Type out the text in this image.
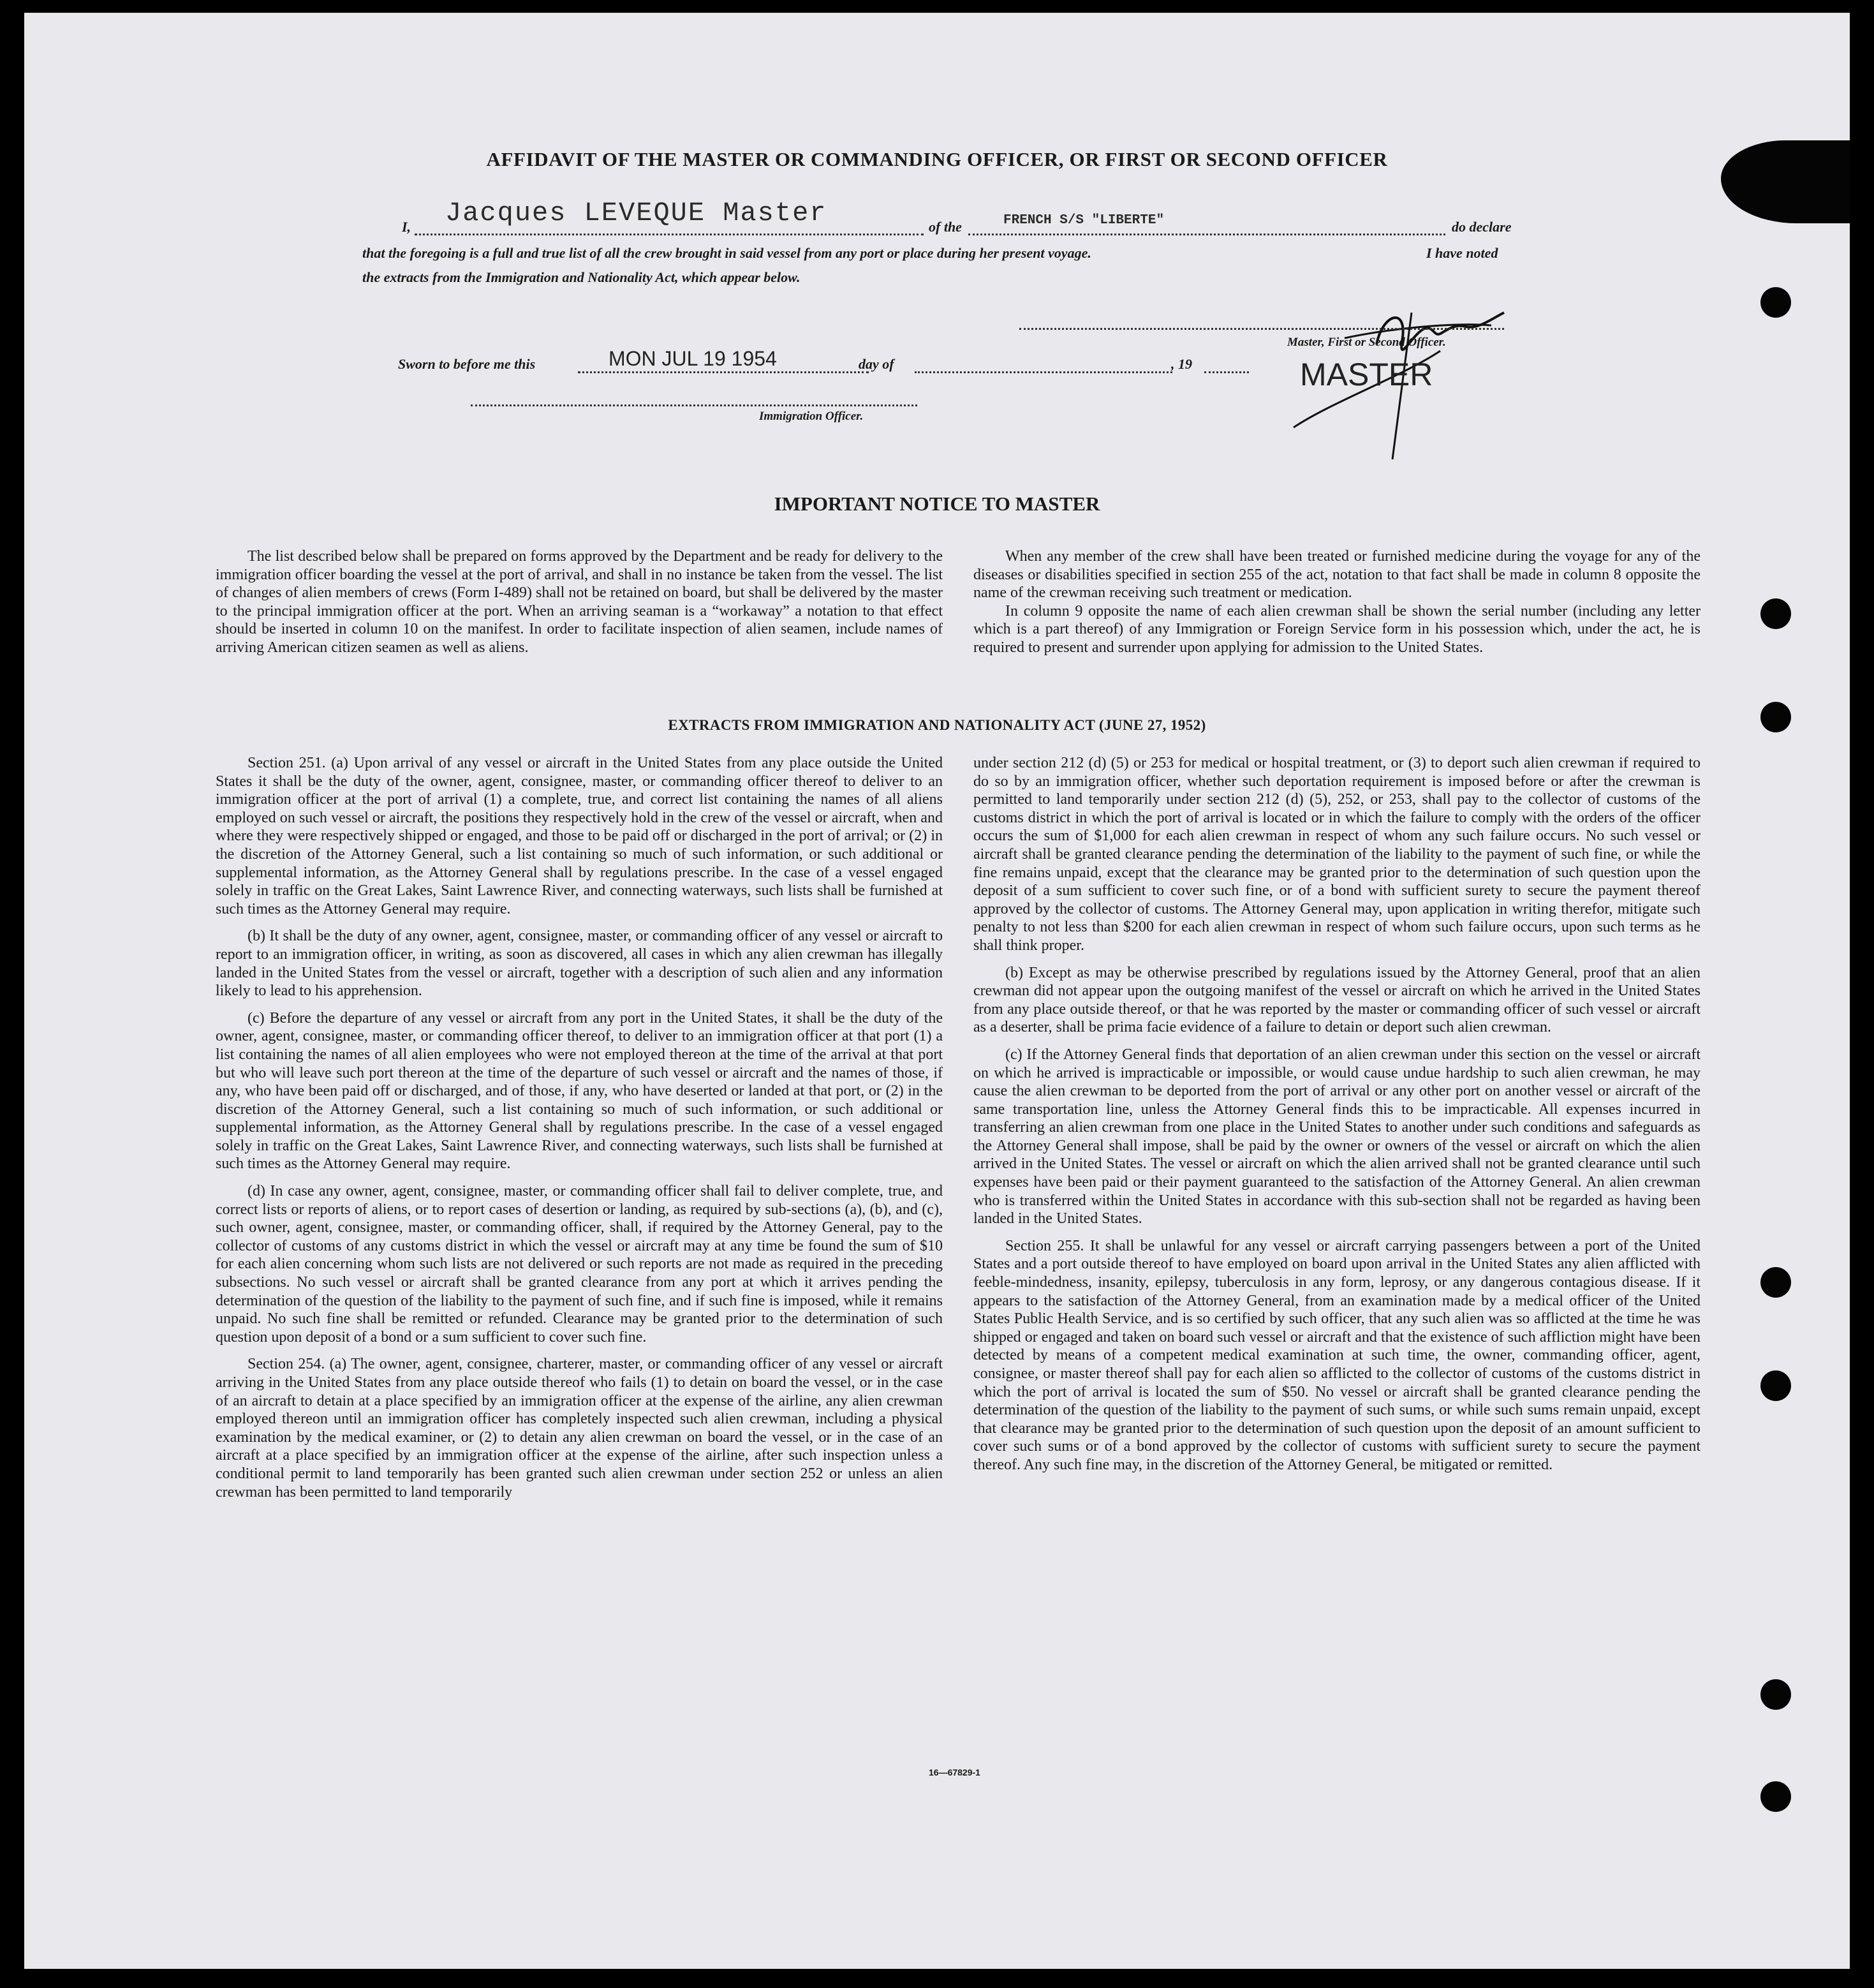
AFFIDAVIT OF THE MASTER OR COMMANDING OFFICER, OR FIRST OR SECOND OFFICER
I, Jacques LEVEQUE Master	of the	FRENCH S/S "LIBERTE"	do declare
that the foregoing is a full and true list of all the crew brought in said vessel from any port or place during her present voyage.	I have noted
the extracts from the Immigration and Nationality Act, which appear below.
Master, First or Second Officer.
MASTER
Sworn to before me this	MON JUL 19 1954	day of	, 19
Immigration Officer.
IMPORTANT NOTICE TO MASTER

The list described below shall be prepared on forms approved by the Department and be ready for delivery to the immigration officer boarding the vessel at the port of arrival, and shall in no instance be taken from the vessel. The list of changes of alien members of crews (Form I-489) shall not be retained on board, but shall be delivered by the master to the principal immigration officer at the port. When an arriving seaman is a “workaway” a notation to that effect should be inserted in column 10 on the manifest. In order to facilitate inspection of alien seamen, include names of arriving American citizen seamen as well as aliens.

When any member of the crew shall have been treated or furnished medicine during the voyage for any of the diseases or disabilities specified in section 255 of the act, notation to that fact shall be made in column 8 opposite the name of the crewman receiving such treatment or medication.

In column 9 opposite the name of each alien crewman shall be shown the serial number (including any letter which is a part thereof) of any Immigration or Foreign Service form in his possession which, under the act, he is required to present and surrender upon applying for admission to the United States.

EXTRACTS FROM IMMIGRATION AND NATIONALITY ACT (JUNE 27, 1952)

Section 251. (a) Upon arrival of any vessel or aircraft in the United States from any place outside the United States it shall be the duty of the owner, agent, consignee, master, or commanding officer thereof to deliver to an immigration officer at the port of arrival (1) a complete, true, and correct list containing the names of all aliens employed on such vessel or aircraft, the positions they respectively hold in the crew of the vessel or aircraft, when and where they were respectively shipped or engaged, and those to be paid off or discharged in the port of arrival; or (2) in the discretion of the Attorney General, such a list containing so much of such information, or such additional or supplemental information, as the Attorney General shall by regulations prescribe. In the case of a vessel engaged solely in traffic on the Great Lakes, Saint Lawrence River, and connecting waterways, such lists shall be furnished at such times as the Attorney General may require.

(b) It shall be the duty of any owner, agent, consignee, master, or commanding officer of any vessel or aircraft to report to an immigration officer, in writing, as soon as discovered, all cases in which any alien crewman has illegally landed in the United States from the vessel or aircraft, together with a description of such alien and any information likely to lead to his apprehension.

(c) Before the departure of any vessel or aircraft from any port in the United States, it shall be the duty of the owner, agent, consignee, master, or commanding officer thereof, to deliver to an immigration officer at that port (1) a list containing the names of all alien employees who were not employed thereon at the time of the arrival at that port but who will leave such port thereon at the time of the departure of such vessel or aircraft and the names of those, if any, who have been paid off or discharged, and of those, if any, who have deserted or landed at that port, or (2) in the discretion of the Attorney General, such a list containing so much of such information, or such additional or supplemental information, as the Attorney General shall by regulations prescribe. In the case of a vessel engaged solely in traffic on the Great Lakes, Saint Lawrence River, and connecting waterways, such lists shall be furnished at such times as the Attorney General may require.

(d) In case any owner, agent, consignee, master, or commanding officer shall fail to deliver complete, true, and correct lists or reports of aliens, or to report cases of desertion or landing, as required by sub-sections (a), (b), and (c), such owner, agent, consignee, master, or commanding officer, shall, if required by the Attorney General, pay to the collector of customs of any customs district in which the vessel or aircraft may at any time be found the sum of $10 for each alien concerning whom such lists are not delivered or such reports are not made as required in the preceding subsections. No such vessel or aircraft shall be granted clearance from any port at which it arrives pending the determination of the question of the liability to the payment of such fine, and if such fine is imposed, while it remains unpaid. No such fine shall be remitted or refunded. Clearance may be granted prior to the determination of such question upon deposit of a bond or a sum sufficient to cover such fine.

Section 254. (a) The owner, agent, consignee, charterer, master, or commanding officer of any vessel or aircraft arriving in the United States from any place outside thereof who fails (1) to detain on board the vessel, or in the case of an aircraft to detain at a place specified by an immigration officer at the expense of the airline, any alien crewman employed thereon until an immigration officer has completely inspected such alien crewman, including a physical examination by the medical examiner, or (2) to detain any alien crewman on board the vessel, or in the case of an aircraft at a place specified by an immigration officer at the expense of the airline, after such inspection unless a conditional permit to land temporarily has been granted such alien crewman under section 252 or unless an alien crewman has been permitted to land temporarily

under section 212 (d) (5) or 253 for medical or hospital treatment, or (3) to deport such alien crewman if required to do so by an immigration officer, whether such deportation requirement is imposed before or after the crewman is permitted to land temporarily under section 212 (d) (5), 252, or 253, shall pay to the collector of customs of the customs district in which the port of arrival is located or in which the failure to comply with the orders of the officer occurs the sum of $1,000 for each alien crewman in respect of whom any such failure occurs. No such vessel or aircraft shall be granted clearance pending the determination of the liability to the payment of such fine, or while the fine remains unpaid, except that the clearance may be granted prior to the determination of such question upon the deposit of a sum sufficient to cover such fine, or of a bond with sufficient surety to secure the payment thereof approved by the collector of customs. The Attorney General may, upon application in writing therefor, mitigate such penalty to not less than $200 for each alien crewman in respect of whom such failure occurs, upon such terms as he shall think proper.

(b) Except as may be otherwise prescribed by regulations issued by the Attorney General, proof that an alien crewman did not appear upon the outgoing manifest of the vessel or aircraft on which he arrived in the United States from any place outside thereof, or that he was reported by the master or commanding officer of such vessel or aircraft as a deserter, shall be prima facie evidence of a failure to detain or deport such alien crewman.

(c) If the Attorney General finds that deportation of an alien crewman under this section on the vessel or aircraft on which he arrived is impracticable or impossible, or would cause undue hardship to such alien crewman, he may cause the alien crewman to be deported from the port of arrival or any other port on another vessel or aircraft of the same transportation line, unless the Attorney General finds this to be impracticable. All expenses incurred in transferring an alien crewman from one place in the United States to another under such conditions and safeguards as the Attorney General shall impose, shall be paid by the owner or owners of the vessel or aircraft on which the alien arrived in the United States. The vessel or aircraft on which the alien arrived shall not be granted clearance until such expenses have been paid or their payment guaranteed to the satisfaction of the Attorney General. An alien crewman who is transferred within the United States in accordance with this sub-section shall not be regarded as having been landed in the United States.

Section 255. It shall be unlawful for any vessel or aircraft carrying passengers between a port of the United States and a port outside thereof to have employed on board upon arrival in the United States any alien afflicted with feeble-mindedness, insanity, epilepsy, tuberculosis in any form, leprosy, or any dangerous contagious disease. If it appears to the satisfaction of the Attorney General, from an examination made by a medical officer of the United States Public Health Service, and is so certified by such officer, that any such alien was so afflicted at the time he was shipped or engaged and taken on board such vessel or aircraft and that the existence of such affliction might have been detected by means of a competent medical examination at such time, the owner, commanding officer, agent, consignee, or master thereof shall pay for each alien so afflicted to the collector of customs of the customs district in which the port of arrival is located the sum of $50. No vessel or aircraft shall be granted clearance pending the determination of the question of the liability to the payment of such sums, or while such sums remain unpaid, except that clearance may be granted prior to the determination of such question upon the deposit of an amount sufficient to cover such sums or of a bond approved by the collector of customs with sufficient surety to secure the payment thereof. Any such fine may, in the discretion of the Attorney General, be mitigated or remitted.

16—67829-1
